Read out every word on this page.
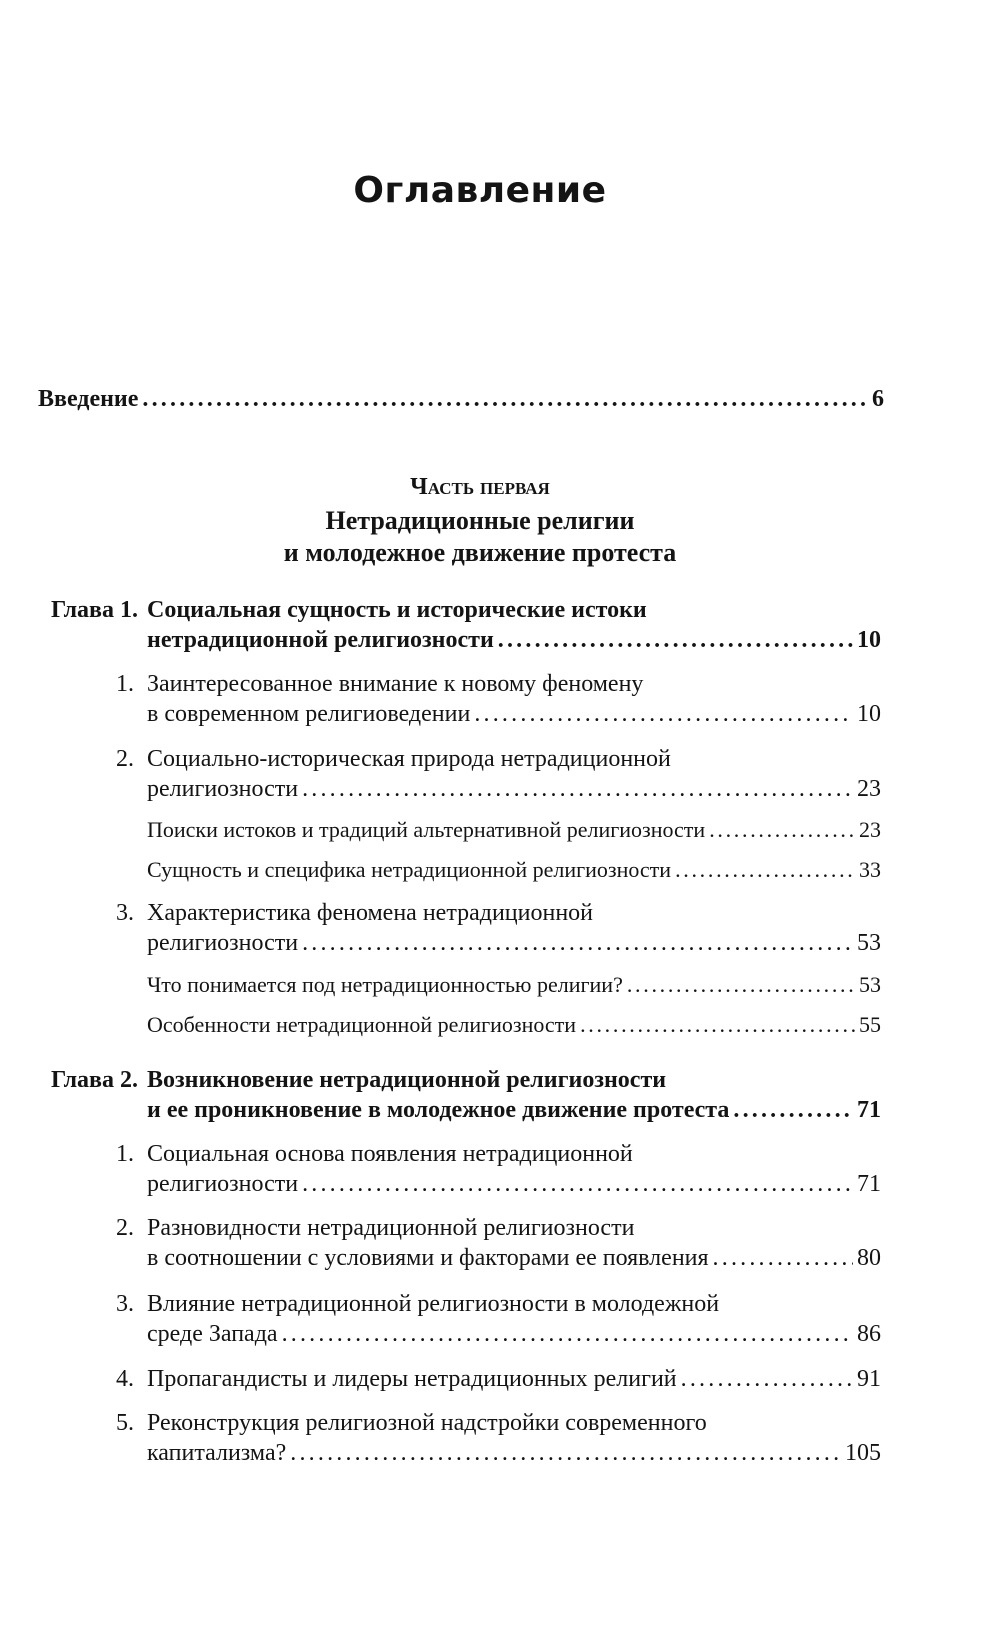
Оглавление
Введение . . .	6
Часть первая
Нетрадиционные религии
и молодежное движение протеста
Глава 1. Социальная сущность и исторические истоки
нетрадиционной религиозности . . .	10
1. Заинтересованное внимание к новому феномену
в современном религиоведении . . .	10
2. Социально-историческая природа нетрадиционной
религиозности . . .	23
Поиски истоков и традиций альтернативной религиозности . . .	23
Сущность и специфика нетрадиционной религиозности . . .	33
3. Характеристика феномена нетрадиционной
религиозности . . .	53
Что понимается под нетрадиционностью религии? . . .	53
Особенности нетрадиционной религиозности . . .	55
Глава 2. Возникновение нетрадиционной религиозности
и ее проникновение в молодежное движение протеста . . .	71
1. Социальная основа появления нетрадиционной
религиозности . . .	71
2. Разновидности нетрадиционной религиозности
в соотношении с условиями и факторами ее появления . . .	80
3. Влияние нетрадиционной религиозности в молодежной
среде Запада . . .	86
4. Пропагандисты и лидеры нетрадиционных религий . . .	91
5. Реконструкция религиозной надстройки современного
капитализма? . . .	105
